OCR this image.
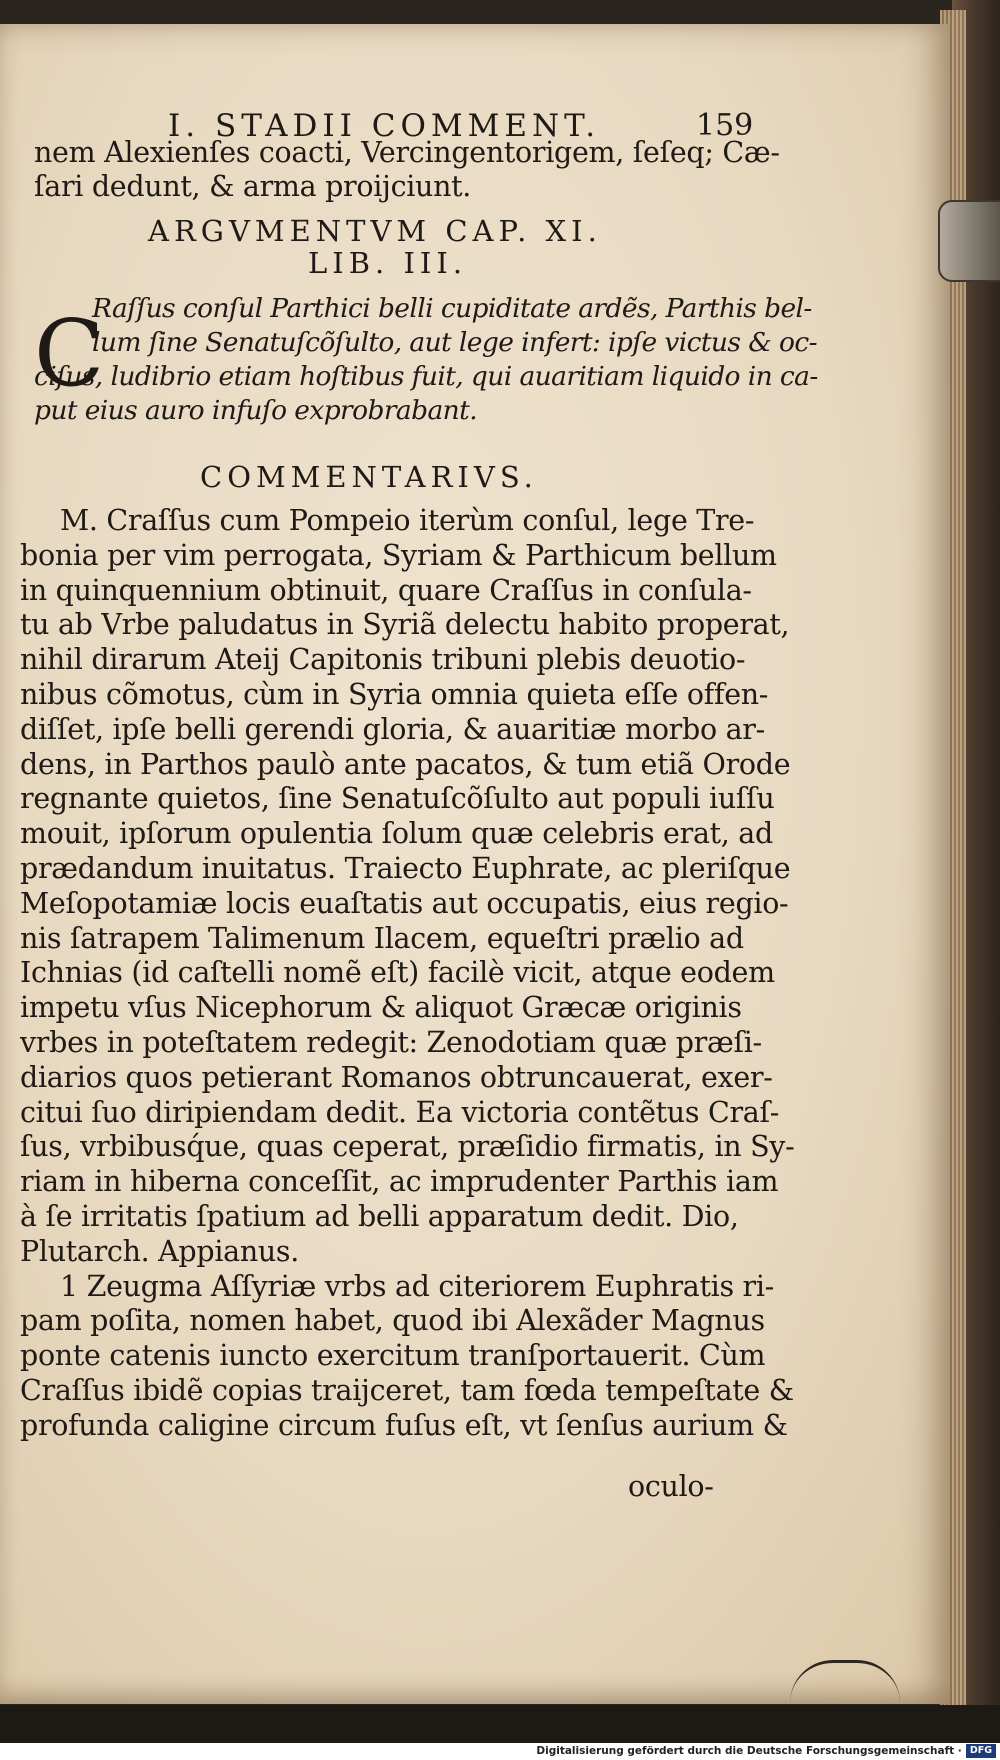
I. STADII COMMENT.	159
nem Alexienſes coacti, Vercingentorigem, ſeſeq; Cæ-
ſari dedunt, & arma proijciunt.
ARGVMENTVM CAP. XI.
LIB. III.
C
Raſſus conſul Parthici belli cupiditate ardẽs, Parthis bel-
lum ſine Senatuſcõſulto, aut lege infert: ipſe victus & oc-
ciſus, ludibrio etiam hoſtibus fuit, qui auaritiam liquido in ca-
put eius auro infuſo exprobrabant.
COMMENTARIVS.
M. Craſſus cum Pompeio iterùm conſul, lege Tre-
bonia per vim perrogata, Syriam & Parthicum bellum
in quinquennium obtinuit, quare Craſſus in conſula-
tu ab Vrbe paludatus in Syriã delectu habito properat,
nihil dirarum Ateij Capitonis tribuni plebis deuotio-
nibus cõmotus, cùm in Syria omnia quieta eſſe offen-
diſſet, ipſe belli gerendi gloria, & auaritiæ morbo ar-
dens, in Parthos paulò ante pacatos, & tum etiã Orode
regnante quietos, ſine Senatuſcõſulto aut populi iuſſu
mouit, ipſorum opulentia ſolum quæ celebris erat, ad
prædandum inuitatus. Traiecto Euphrate, ac pleriſque
Meſopotamiæ locis euaſtatis aut occupatis, eius regio-
nis ſatrapem Talimenum Ilacem, equeſtri prælio ad
Ichnias (id caſtelli nomẽ eſt) facilè vicit, atque eodem
impetu vſus Nicephorum & aliquot Græcæ originis
vrbes in poteſtatem redegit: Zenodotiam quæ præſi-
diarios quos petierant Romanos obtruncauerat, exer-
citui ſuo diripiendam dedit. Ea victoria contẽtus Craſ-
ſus, vrbibusq́ue, quas ceperat, præſidio firmatis, in Sy-
riam in hiberna conceſſit, ac imprudenter Parthis iam
à ſe irritatis ſpatium ad belli apparatum dedit. Dio,
Plutarch. Appianus.
1 Zeugma Aſſyriæ vrbs ad citeriorem Euphratis ri-
pam poſita, nomen habet, quod ibi Alexãder Magnus
ponte catenis iuncto exercitum tranſportauerit. Cùm
Craſſus ibidẽ copias traijceret, tam fœda tempeſtate &
profunda caligine circum fuſus eſt, vt ſenſus aurium &
oculo-
Digitalisierung gefördert durch die Deutsche Forschungsgemeinschaft · DFG
